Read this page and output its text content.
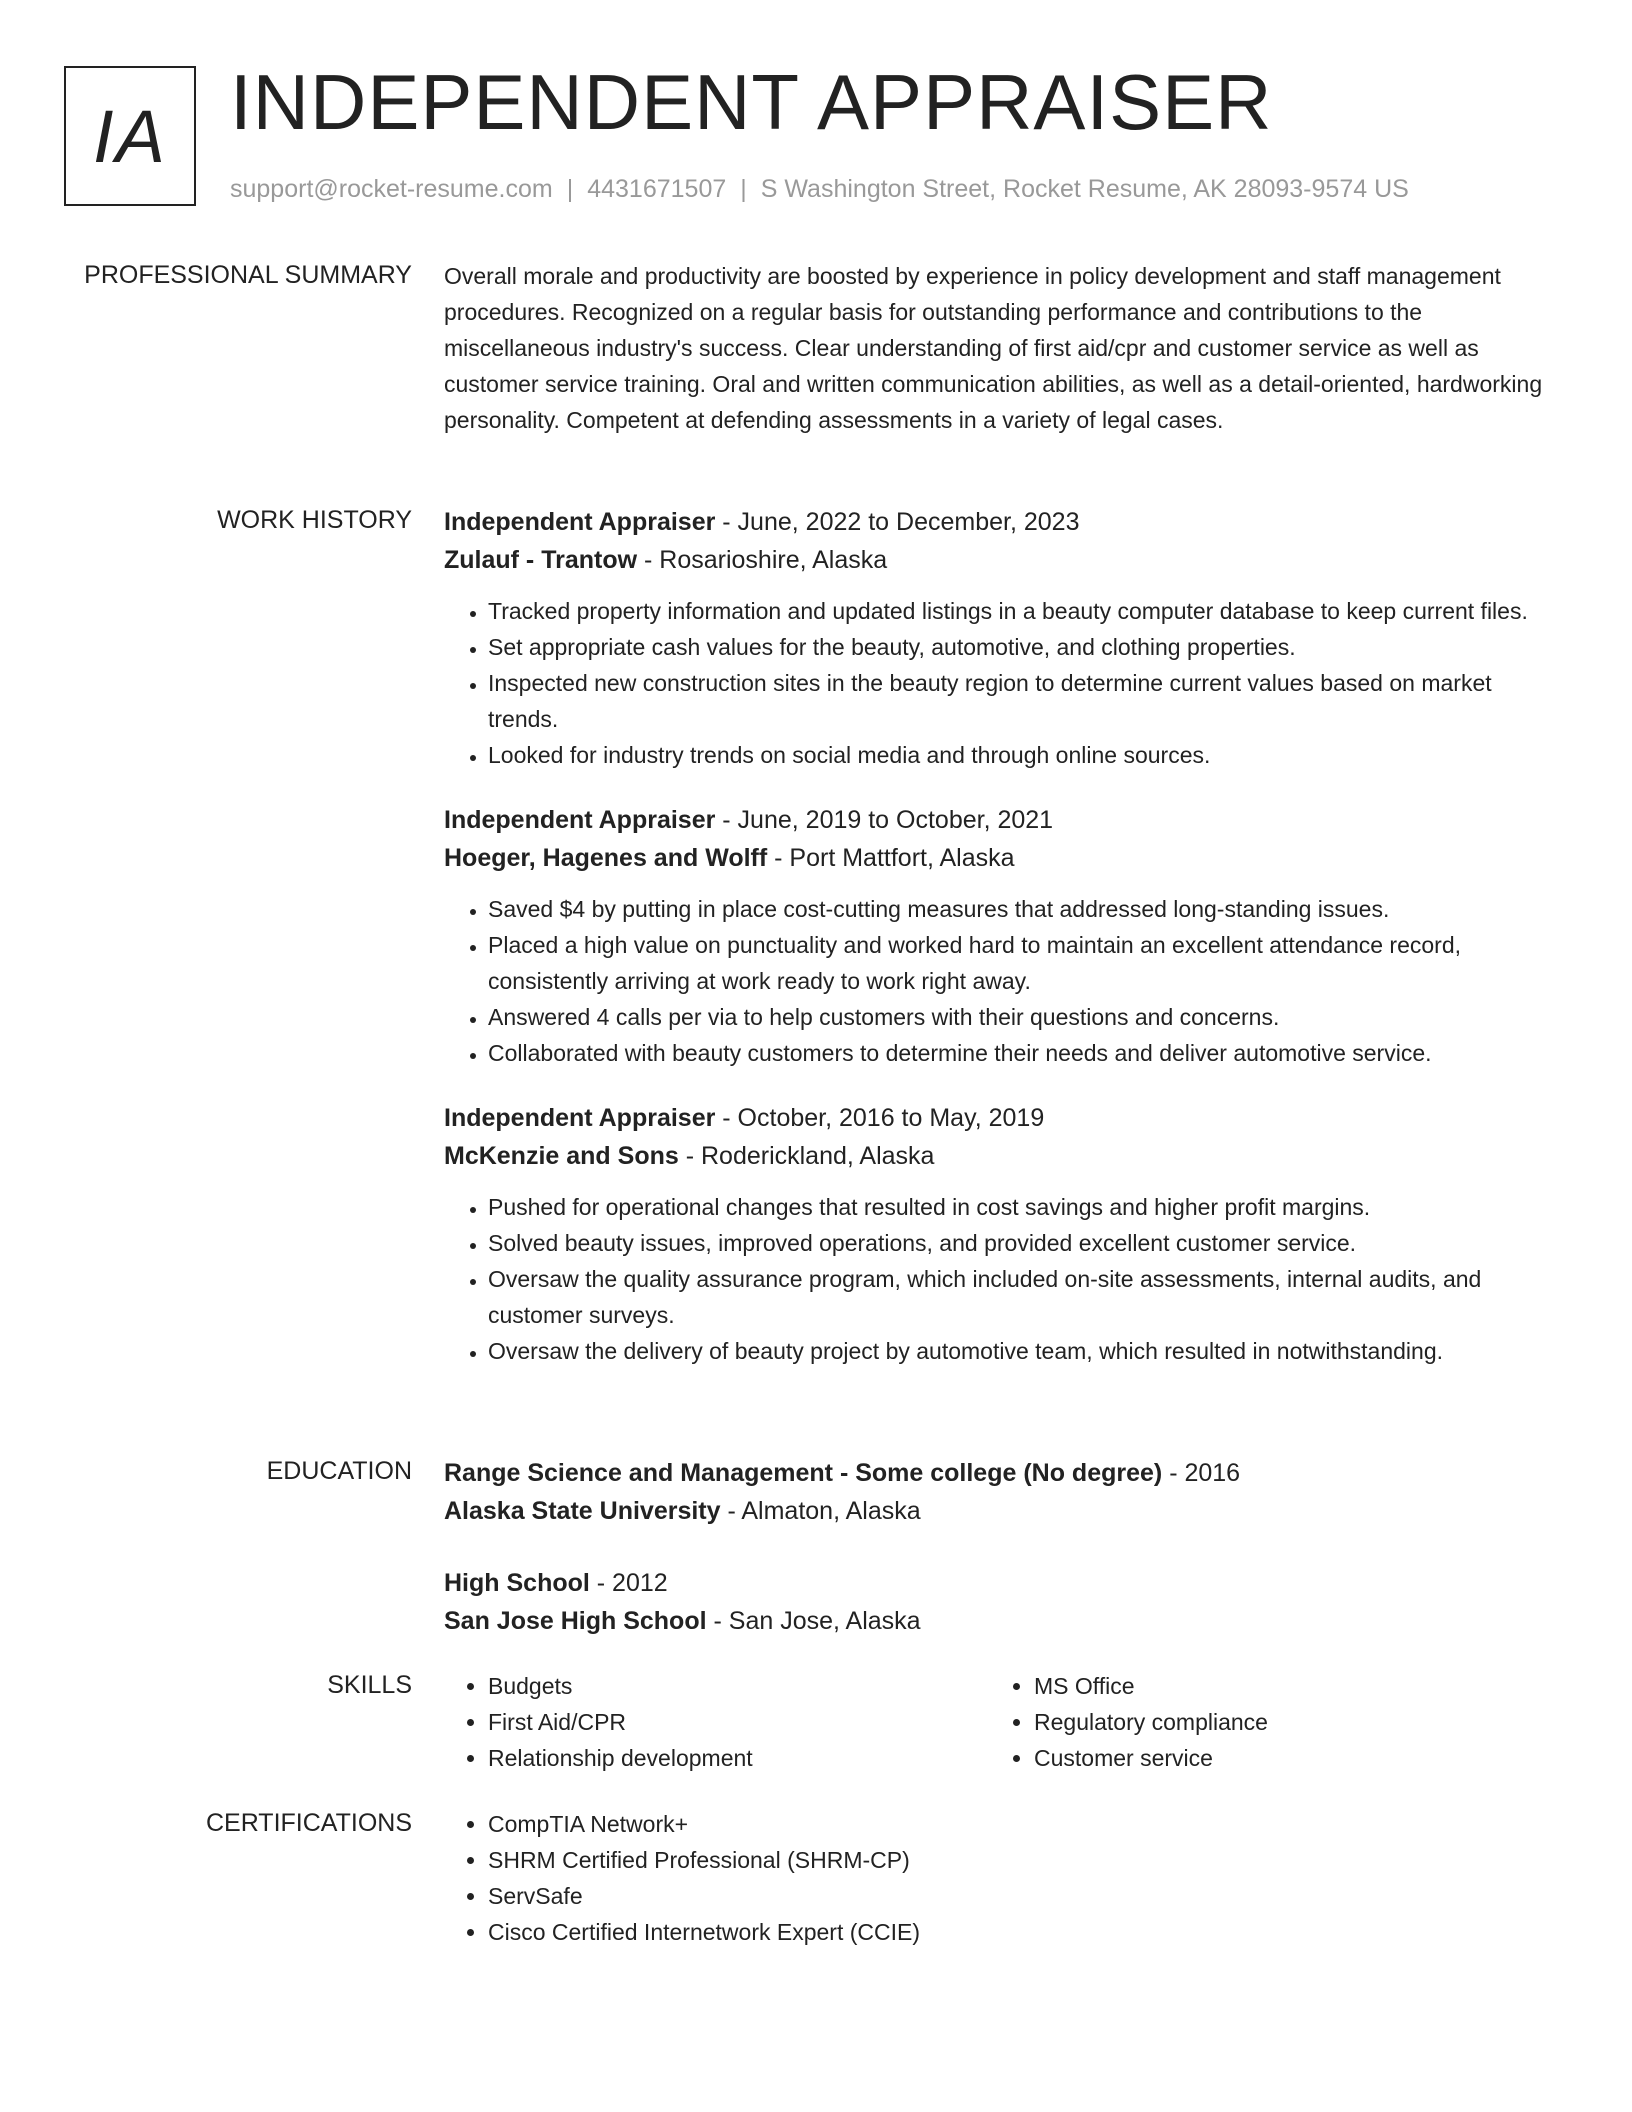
IA INDEPENDENT APPRAISER
support@rocket-resume.com | 4431671507 | S Washington Street, Rocket Resume, AK 28093-9574 US
PROFESSIONAL SUMMARY Overall morale and productivity are boosted by experience in policy development and staff management procedures. Recognized on a regular basis for outstanding performance and contributions to the miscellaneous industry's success. Clear understanding of first aid/cpr and customer service as well as customer service training. Oral and written communication abilities, as well as a detail-oriented, hardworking personality. Competent at defending assessments in a variety of legal cases.
WORK HISTORY Independent Appraiser - June, 2022 to December, 2023
Zulauf - Trantow - Rosarioshire, Alaska
• Tracked property information and updated listings in a beauty computer database to keep current files.
• Set appropriate cash values for the beauty, automotive, and clothing properties.
• Inspected new construction sites in the beauty region to determine current values based on market trends.
• Looked for industry trends on social media and through online sources.
Independent Appraiser - June, 2019 to October, 2021
Hoeger, Hagenes and Wolff - Port Mattfort, Alaska
• Saved $4 by putting in place cost-cutting measures that addressed long-standing issues.
• Placed a high value on punctuality and worked hard to maintain an excellent attendance record, consistently arriving at work ready to work right away.
• Answered 4 calls per via to help customers with their questions and concerns.
• Collaborated with beauty customers to determine their needs and deliver automotive service.
Independent Appraiser - October, 2016 to May, 2019
McKenzie and Sons - Roderickland, Alaska
• Pushed for operational changes that resulted in cost savings and higher profit margins.
• Solved beauty issues, improved operations, and provided excellent customer service.
• Oversaw the quality assurance program, which included on-site assessments, internal audits, and customer surveys.
• Oversaw the delivery of beauty project by automotive team, which resulted in notwithstanding.
EDUCATION Range Science and Management - Some college (No degree) - 2016
Alaska State University - Almaton, Alaska
High School - 2012
San Jose High School - San Jose, Alaska
SKILLS	• Budgets
• First Aid/CPR
• Relationship development
• MS Office
• Regulatory compliance
• Customer service
CERTIFICATIONS	• CompTIA Network+
• SHRM Certified Professional (SHRM-CP)
• ServSafe
• Cisco Certified Internetwork Expert (CCIE)
